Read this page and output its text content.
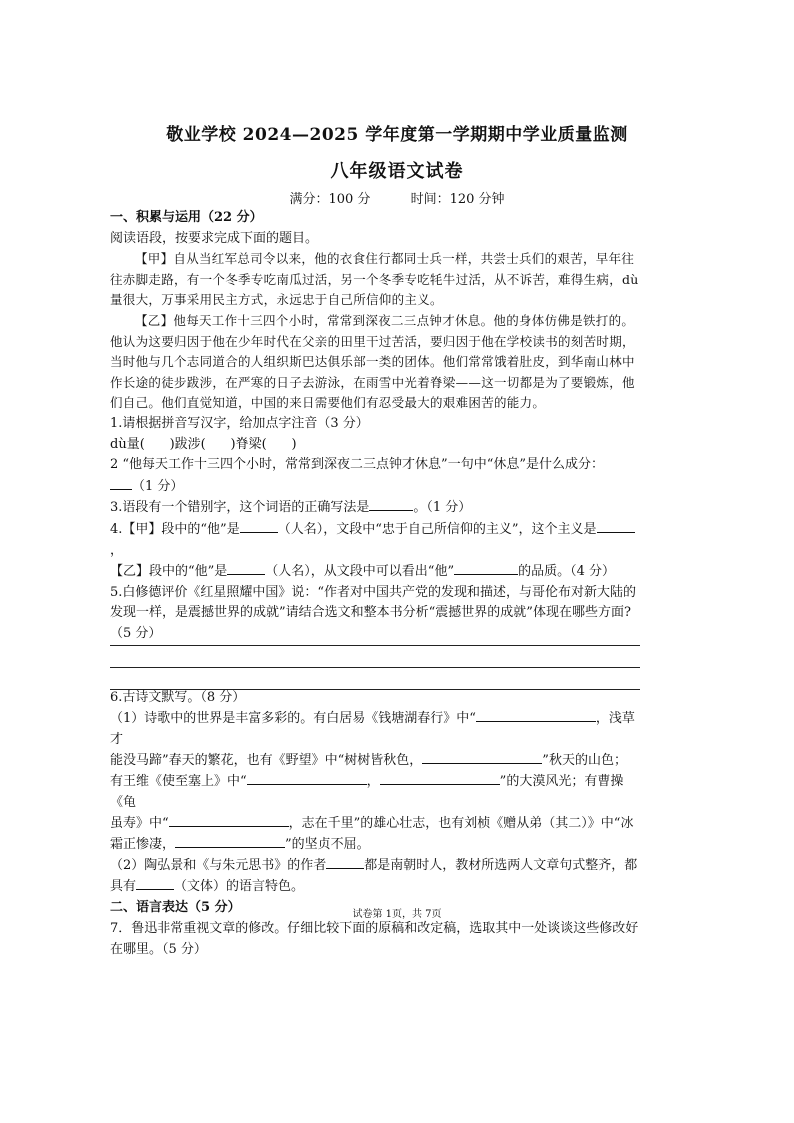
敬业学校 2024—2025 学年度第一学期期中学业质量监测
八年级语文试卷
满分：100 分	时间：120 分钟

一、积累与运用（22 分）

阅读语段，按要求完成下面的题目。

【甲】自从当红军总司令以来，他的衣食住行都同士兵一样，共尝士兵们的艰苦，早年往

往赤脚走路，有一个冬季专吃南瓜过活，另一个冬季专吃牦牛过活，从不诉苦，难得生病，dù

量很大，万事采用民主方式，永远忠于自己所信仰的主义。

【乙】他每天工作十三四个小时，常常到深夜二三点钟才休息。他的身体仿佛是铁打的。

他认为这要归因于他在少年时代在父亲的田里干过苦活，要归因于他在学校读书的刻苦时期，

当时他与几个志同道合的人组织斯巴达俱乐部一类的团体。他们常常饿着肚皮，到华南山林中

作长途的徒步跋涉，在严寒的日子去游泳，在雨雪中光着脊梁——这一切都是为了要锻炼，他

们自己。他们直觉知道，中国的来日需要他们有忍受最大的艰难困苦的能力。

1.请根据拼音写汉字，给加点字注音（3 分）

dù量( )跋涉( )脊梁( )

2 “他每天工作十三四个小时，常常到深夜二三点钟才休息”一句中“休息”是什么成分：

（1 分）

3.语段有一个错别字，这个词语的正确写法是	。（1 分）

4.【甲】段中的“他”是	（人名），文段中“忠于自己所信仰的主义”，这个主义是，

【乙】段中的“他”是	（人名），从文段中可以看出“他”	的品质。（4 分）

5.白修德评价《红星照耀中国》说：“作者对中国共产党的发现和描述，与哥伦布对新大陆的

发现一样，是震撼世界的成就”请结合选文和整本书分析“震撼世界的成就”体现在哪些方面?

（5 分）

6.古诗文默写。（8 分）

（1）诗歌中的世界是丰富多彩的。有白居易《钱塘湖春行》中“	，浅草才

能没马蹄”春天的繁花，也有《野望》中“树树皆秋色，	”秋天的山色；

有王维《使至塞上》中“	，	”的大漠风光；有曹操《龟

虽寿》中“	，志在千里”的雄心壮志，也有刘桢《赠从弟（其二）》中“冰

霜正惨凄，	”的坚贞不屈。

（2）陶弘景和《与朱元思书》的作者	都是南朝时人，教材所选两人文章句式整齐，都

具有	（文体）的语言特色。

二、语言表达（5 分）

7．鲁迅非常重视文章的修改。仔细比较下面的原稿和改定稿，选取其中一处谈谈这些修改好

在哪里。（5 分）

试卷第 1页，共 7页
